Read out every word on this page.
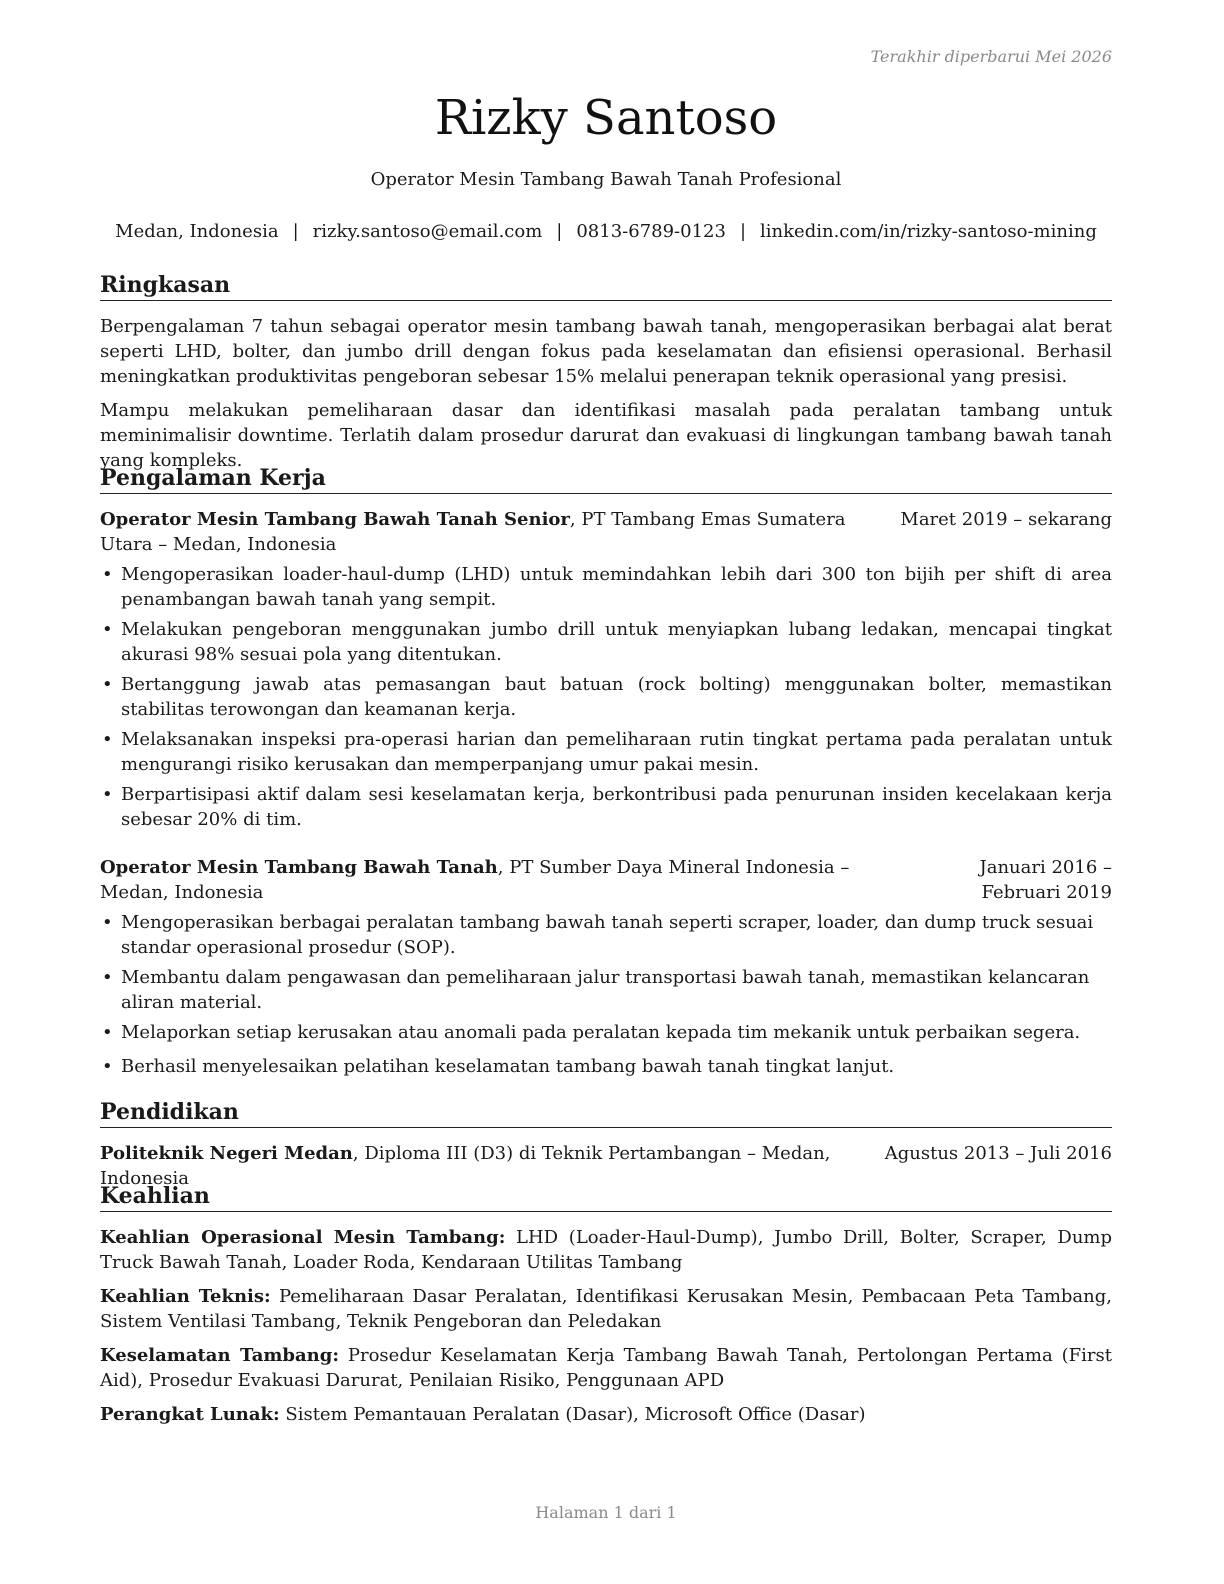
Terakhir diperbarui Mei 2026
Rizky Santoso
Operator Mesin Tambang Bawah Tanah Profesional
Medan, Indonesia | rizky.santoso@email.com | 0813-6789-0123 | linkedin.com/in/rizky-santoso-mining
Ringkasan

Berpengalaman 7 tahun sebagai operator mesin tambang bawah tanah, mengoperasikan berbagai alat berat seperti LHD, bolter, dan jumbo drill dengan fokus pada keselamatan dan efisiensi operasional. Berhasil meningkatkan produktivitas pengeboran sebesar 15% melalui penerapan teknik operasional yang presisi.

Mampu melakukan pemeliharaan dasar dan identifikasi masalah pada peralatan tambang untuk meminimalisir downtime. Terlatih dalam prosedur darurat dan evakuasi di lingkungan tambang bawah tanah yang kompleks.

Pengalaman Kerja
Operator Mesin Tambang Bawah Tanah Senior, PT Tambang Emas Sumatera Utara – Medan, Indonesia
Maret 2019 – sekarang
• Mengoperasikan loader-haul-dump (LHD) untuk memindahkan lebih dari 300 ton bijih per shift di area penambangan bawah tanah yang sempit.
• Melakukan pengeboran menggunakan jumbo drill untuk menyiapkan lubang ledakan, mencapai tingkat akurasi 98% sesuai pola yang ditentukan.
• Bertanggung jawab atas pemasangan baut batuan (rock bolting) menggunakan bolter, memastikan stabilitas terowongan dan keamanan kerja.
• Melaksanakan inspeksi pra-operasi harian dan pemeliharaan rutin tingkat pertama pada peralatan untuk mengurangi risiko kerusakan dan memperpanjang umur pakai mesin.
• Berpartisipasi aktif dalam sesi keselamatan kerja, berkontribusi pada penurunan insiden kecelakaan kerja sebesar 20% di tim.
Operator Mesin Tambang Bawah Tanah, PT Sumber Daya Mineral Indonesia – Medan, Indonesia
Januari 2016 – Februari 2019
• Mengoperasikan berbagai peralatan tambang bawah tanah seperti scraper, loader, dan dump truck sesuai standar operasional prosedur (SOP).
• Membantu dalam pengawasan dan pemeliharaan jalur transportasi bawah tanah, memastikan kelancaran aliran material.
• Melaporkan setiap kerusakan atau anomali pada peralatan kepada tim mekanik untuk perbaikan segera.
• Berhasil menyelesaikan pelatihan keselamatan tambang bawah tanah tingkat lanjut.
Pendidikan
Politeknik Negeri Medan, Diploma III (D3) di Teknik Pertambangan – Medan, Indonesia
Agustus 2013 – Juli 2016
Keahlian

Keahlian Operasional Mesin Tambang: LHD (Loader-Haul-Dump), Jumbo Drill, Bolter, Scraper, Dump Truck Bawah Tanah, Loader Roda, Kendaraan Utilitas Tambang

Keahlian Teknis: Pemeliharaan Dasar Peralatan, Identifikasi Kerusakan Mesin, Pembacaan Peta Tambang, Sistem Ventilasi Tambang, Teknik Pengeboran dan Peledakan

Keselamatan Tambang: Prosedur Keselamatan Kerja Tambang Bawah Tanah, Pertolongan Pertama (First Aid), Prosedur Evakuasi Darurat, Penilaian Risiko, Penggunaan APD

Perangkat Lunak: Sistem Pemantauan Peralatan (Dasar), Microsoft Office (Dasar)

Halaman 1 dari 1
